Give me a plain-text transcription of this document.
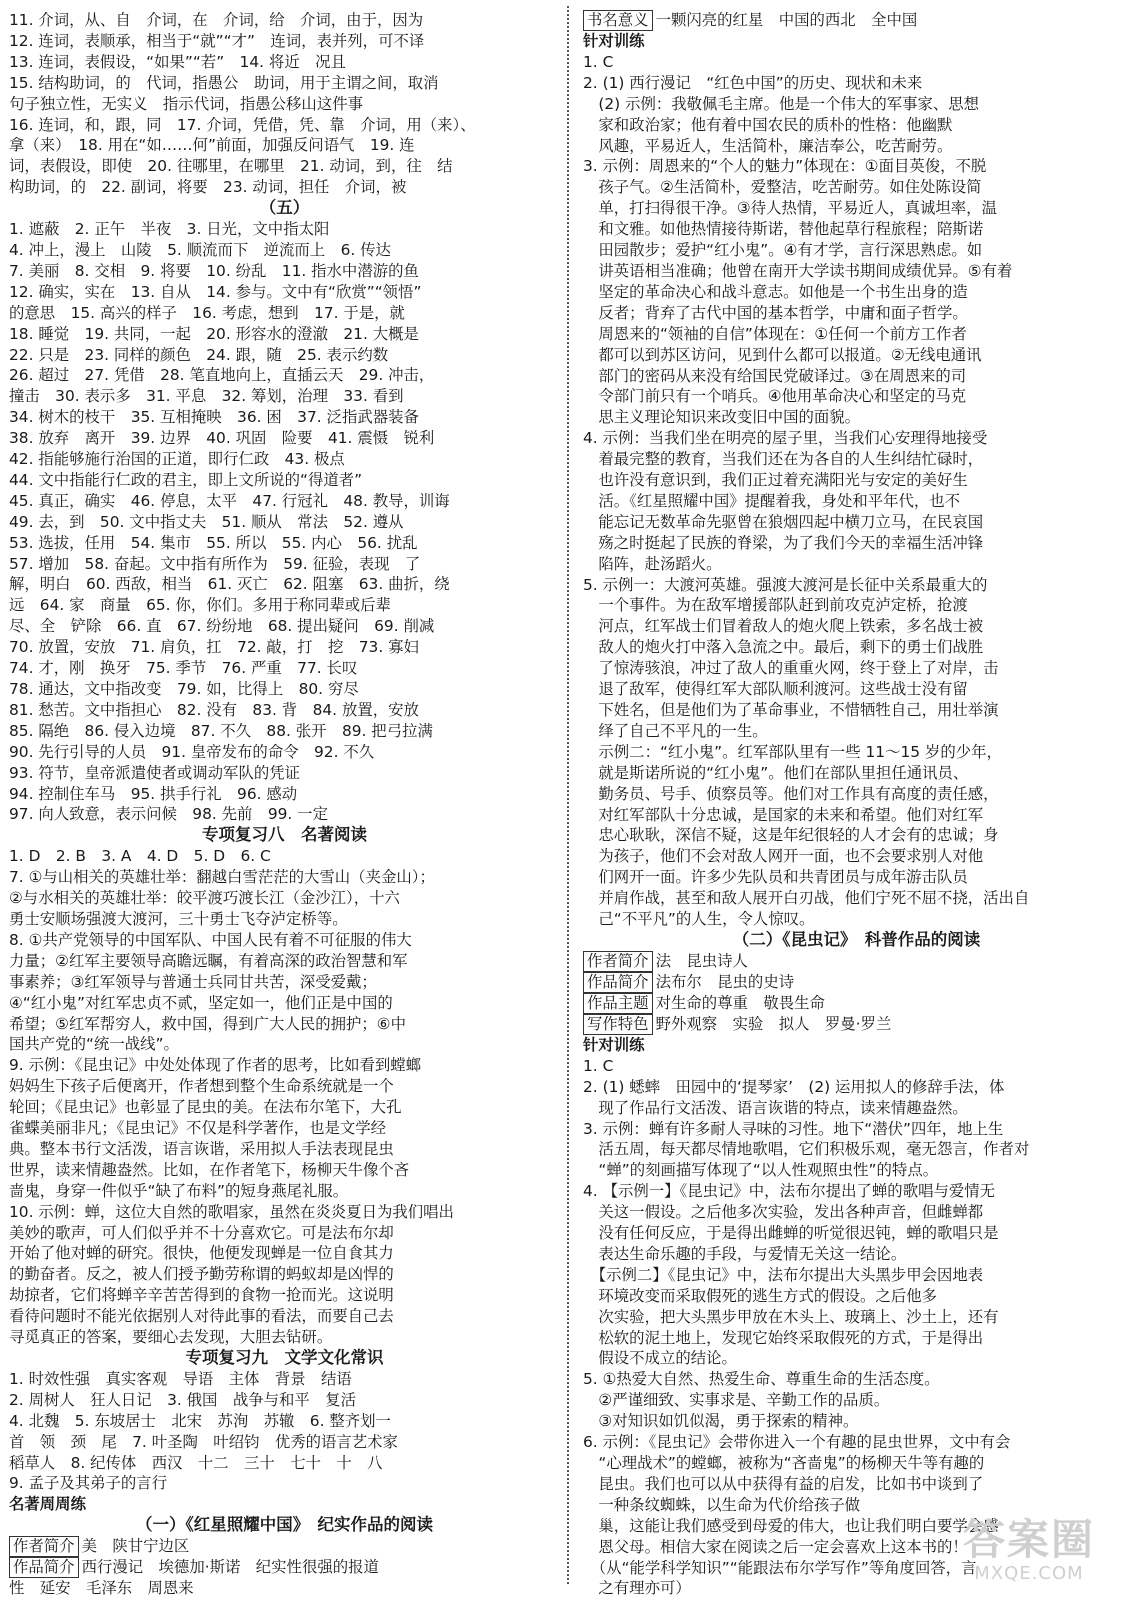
11. 介词，从、自　介词，在　介词，给　介词，由于，因为
12. 连词，表顺承，相当于“就”“才”　连词，表并列，可不译
13. 连词，表假设，“如果”“若”　14. 将近　况且
15. 结构助词，的　代词，指愚公　助词，用于主谓之间，取消
句子独立性，无实义　指示代词，指愚公移山这件事
16. 连词，和，跟，同　17. 介词，凭借，凭、靠　介词，用（来）、
拿（来）　18. 用在“如……何”前面，加强反问语气　19. 连
词，表假设，即使　20. 往哪里，在哪里　21. 动词，到，往　结
构助词，的　22. 副词，将要　23. 动词，担任　介词，被
（五）
1. 遮蔽　2. 正午　半夜　3. 日光，文中指太阳
4. 冲上，漫上　山陵　5. 顺流而下　逆流而上　6. 传达
7. 美丽　8. 交相　9. 将要　10. 纷乱　11. 指水中潜游的鱼
12. 确实，实在　13. 自从　14. 参与。文中有“欣赏”“领悟”
的意思　15. 高兴的样子　16. 考虑，想到　17. 于是，就
18. 睡觉　19. 共同，一起　20. 形容水的澄澈　21. 大概是
22. 只是　23. 同样的颜色　24. 跟，随　25. 表示约数
26. 超过　27. 凭借　28. 笔直地向上，直插云天　29. 冲击，
撞击　30. 表示多　31. 平息　32. 筹划，治理　33. 看到
34. 树木的枝干　35. 互相掩映　36. 困　37. 泛指武器装备
38. 放弃　离开　39. 边界　40. 巩固　险要　41. 震慑　锐利
42. 指能够施行治国的正道，即行仁政　43. 极点
44. 文中指能行仁政的君主，即上文所说的“得道者”
45. 真正，确实　46. 停息，太平　47. 行冠礼　48. 教导，训诲
49. 去，到　50. 文中指丈夫　51. 顺从　常法　52. 遵从
53. 选拔，任用　54. 集市　55. 所以　55. 内心　56. 扰乱
57. 增加　58. 奋起。文中指有所作为　59. 征验，表现　了
解，明白　60. 西敌，相当　61. 灭亡　62. 阻塞　63. 曲折，绕
远　64. 家　商量　65. 你，你们。多用于称同辈或后辈
尽、全　铲除　66. 直　67. 纷纷地　68. 提出疑问　69. 削减
70. 放置，安放　71. 肩负，扛　72. 敲，打　挖　73. 寡妇
74. 才，刚　换牙　75. 季节　76. 严重　77. 长叹
78. 通达，文中指改变　79. 如，比得上　80. 穷尽
81. 愁苦。文中指担心　82. 没有　83. 背　84. 放置，安放
85. 隔绝　86. 侵入边境　87. 不久　88. 张开　89. 把弓拉满
90. 先行引导的人员　91. 皇帝发布的命令　92. 不久
93. 符节，皇帝派遣使者或调动军队的凭证
94. 控制住车马　95. 拱手行礼　96. 感动
97. 向人致意，表示问候　98. 先前　99. 一定
专项复习八　名著阅读
1. D　2. B　3. A　4. D　5. D　6. C
7. ①与山相关的英雄壮举：翻越白雪茫茫的大雪山（夹金山）；
②与水相关的英雄壮举：皎平渡巧渡长江（金沙江），十六
勇士安顺场强渡大渡河，三十勇士飞夺泸定桥等。
8. ①共产党领导的中国军队、中国人民有着不可征服的伟大
力量；②红军主要领导高瞻远瞩，有着高深的政治智慧和军
事素养；③红军领导与普通士兵同甘共苦，深受爱戴；
④“红小鬼”对红军忠贞不贰，坚定如一，他们正是中国的
希望；⑤红军帮穷人，救中国，得到广大人民的拥护；⑥中
国共产党的“统一战线”。
9. 示例：《昆虫记》中处处体现了作者的思考，比如看到螳螂
妈妈生下孩子后便离开，作者想到整个生命系统就是一个
轮回；《昆虫记》也彰显了昆虫的美。在法布尔笔下，大孔
雀蝶美丽非凡；《昆虫记》不仅是科学著作，也是文学经
典。整本书行文活泼，语言诙谐，采用拟人手法表现昆虫
世界，读来情趣盎然。比如，在作者笔下，杨柳天牛像个吝
啬鬼，身穿一件似乎“缺了布料”的短身燕尾礼服。
10. 示例：蝉，这位大自然的歌唱家，虽然在炎炎夏日为我们唱出
美妙的歌声，可人们似乎并不十分喜欢它。可是法布尔却
开始了他对蝉的研究。很快，他便发现蝉是一位自食其力
的勤奋者。反之，被人们授予勤劳称谓的蚂蚁却是凶悍的
劫掠者，它们将蝉辛辛苦苦得到的食物一抢而光。这说明
看待问题时不能光依据别人对待此事的看法，而要自己去
寻觅真正的答案，要细心去发现，大胆去钻研。
专项复习九　文学文化常识
1. 时效性强　真实客观　导语　主体　背景　结语
2. 周树人　狂人日记　3. 俄国　战争与和平　复活
4. 北魏　5. 东坡居士　北宋　苏洵　苏辙　6. 整齐划一
首　领　颈　尾　7. 叶圣陶　叶绍钧　优秀的语言艺术家
稻草人　8. 纪传体　西汉　十二　三十　七十　十　八
9. 孟子及其弟子的言行
名著周周练
（一）《红星照耀中国》　纪实作品的阅读
作者简介 美　陕甘宁边区
作品简介 西行漫记　埃德加·斯诺　纪实性很强的报道
性　延安　毛泽东　周恩来
书名意义 一颗闪亮的红星　中国的西北　全中国
针对训练
1. C
2. (1) 西行漫记　“红色中国”的历史、现状和未来
　(2) 示例：我敬佩毛主席。他是一个伟大的军事家、思想
　家和政治家；他有着中国农民的质朴的性格：他幽默
　风趣，平易近人，生活简朴，廉洁奉公，吃苦耐劳。
3. 示例：周恩来的“个人的魅力”体现在：①面目英俊，不脱
　孩子气。②生活简朴，爱整洁，吃苦耐劳。如住处陈设简
　单，打扫得很干净。③待人热情，平易近人，真诚坦率，温
　和文雅。如他热情接待斯诺，替他起草行程旅程；陪斯诺
　田园散步；爱护“红小鬼”。④有才学，言行深思熟虑。如
　讲英语相当准确；他曾在南开大学读书期间成绩优异。⑤有着
　坚定的革命决心和战斗意志。如他是一个书生出身的造
　反者；背弃了古代中国的基本哲学，中庸和面子哲学。
　周恩来的“领袖的自信”体现在：①任何一个前方工作者
　都可以到苏区访问，见到什么都可以报道。②无线电通讯
　部门的密码从来没有给国民党破译过。③在周恩来的司
　令部门前只有一个哨兵。④他用革命决心和坚定的马克
　思主义理论知识来改变旧中国的面貌。
4. 示例：当我们坐在明亮的屋子里，当我们心安理得地接受
　着最完整的教育，当我们还在为各自的人生纠结忙碌时，
　也许没有意识到，我们正过着充满阳光与安定的美好生
　活。《红星照耀中国》提醒着我，身处和平年代，也不
　能忘记无数革命先驱曾在狼烟四起中横刀立马，在民哀国
　殇之时挺起了民族的脊梁，为了我们今天的幸福生活冲锋
　陷阵，赴汤蹈火。
5. 示例一：大渡河英雄。强渡大渡河是长征中关系最重大的
　一个事件。为在敌军增援部队赶到前攻克泸定桥，抢渡
　河点，红军战士们冒着敌人的炮火爬上铁索，多名战士被
　敌人的炮火打中落入急流之中。最后，剩下的勇士们战胜
　了惊涛骇浪，冲过了敌人的重重火网，终于登上了对岸，击
　退了敌军，使得红军大部队顺利渡河。这些战士没有留
　下姓名，但是他们为了革命事业，不惜牺牲自己，用壮举演
　绎了自己不平凡的一生。
　示例二：“红小鬼”。红军部队里有一些 11～15 岁的少年，
　就是斯诺所说的“红小鬼”。他们在部队里担任通讯员、
　勤务员、号手、侦察员等。他们对工作具有高度的责任感，
　对红军部队十分忠诚，是国家的未来和希望。他们对红军
　忠心耿耿，深信不疑，这是年纪很轻的人才会有的忠诚；身
　为孩子，他们不会对敌人网开一面，也不会要求别人对他
　们网开一面。许多少先队员和共青团员与成年游击队员
　并肩作战，甚至和敌人展开白刃战，他们宁死不屈不挠，活出自
　己“不平凡”的人生，令人惊叹。
（二）《昆虫记》　科普作品的阅读
作者简介 法　昆虫诗人
作品简介 法布尔　昆虫的史诗
作品主题 对生命的尊重　敬畏生命
写作特色 野外观察　实验　拟人　罗曼·罗兰
针对训练
1. C
2. (1) 蟋蟀　田园中的‘提琴家’　(2) 运用拟人的修辞手法，体
　现了作品行文活泼、语言诙谐的特点，读来情趣盎然。
3. 示例：蝉有许多耐人寻味的习性。地下“潜伏”四年，地上生
　活五周，每天都尽情地歌唱，它们积极乐观，毫无怨言，作者对
　“蝉”的刻画描写体现了“以人性观照虫性”的特点。
4. 【示例一】《昆虫记》中，法布尔提出了蝉的歌唱与爱情无
　关这一假设。之后他多次实验，发出各种声音，但雌蝉都
　没有任何反应，于是得出雌蝉的听觉很迟钝，蝉的歌唱只是
　表达生命乐趣的手段，与爱情无关这一结论。
　【示例二】《昆虫记》中，法布尔提出大头黑步甲会因地表
　环境改变而采取假死的逃生方式的假设。之后他多
　次实验，把大头黑步甲放在木头上、玻璃上、沙土上，还有
　松软的泥土地上，发现它始终采取假死的方式，于是得出
　假设不成立的结论。
5. ①热爱大自然、热爱生命、尊重生命的生活态度。
　②严谨细致、实事求是、辛勤工作的品质。
　③对知识如饥似渴，勇于探索的精神。
6. 示例：《昆虫记》会带你进入一个有趣的昆虫世界，文中有会
　“心理战术”的螳螂，被称为“吝啬鬼”的杨柳天牛等有趣的
　昆虫。我们也可以从中获得有益的启发，比如书中谈到了
　一种条纹蜘蛛，以生命为代价给孩子做
　巢，这能让我们感受到母爱的伟大，也让我们明白要学会感
　恩父母。相信大家在阅读之后一定会喜欢上这本书的！
　（从“能学科学知识”“能跟法布尔学写作”等角度回答，言
　之有理亦可）
答案圈
MXQE.COM
